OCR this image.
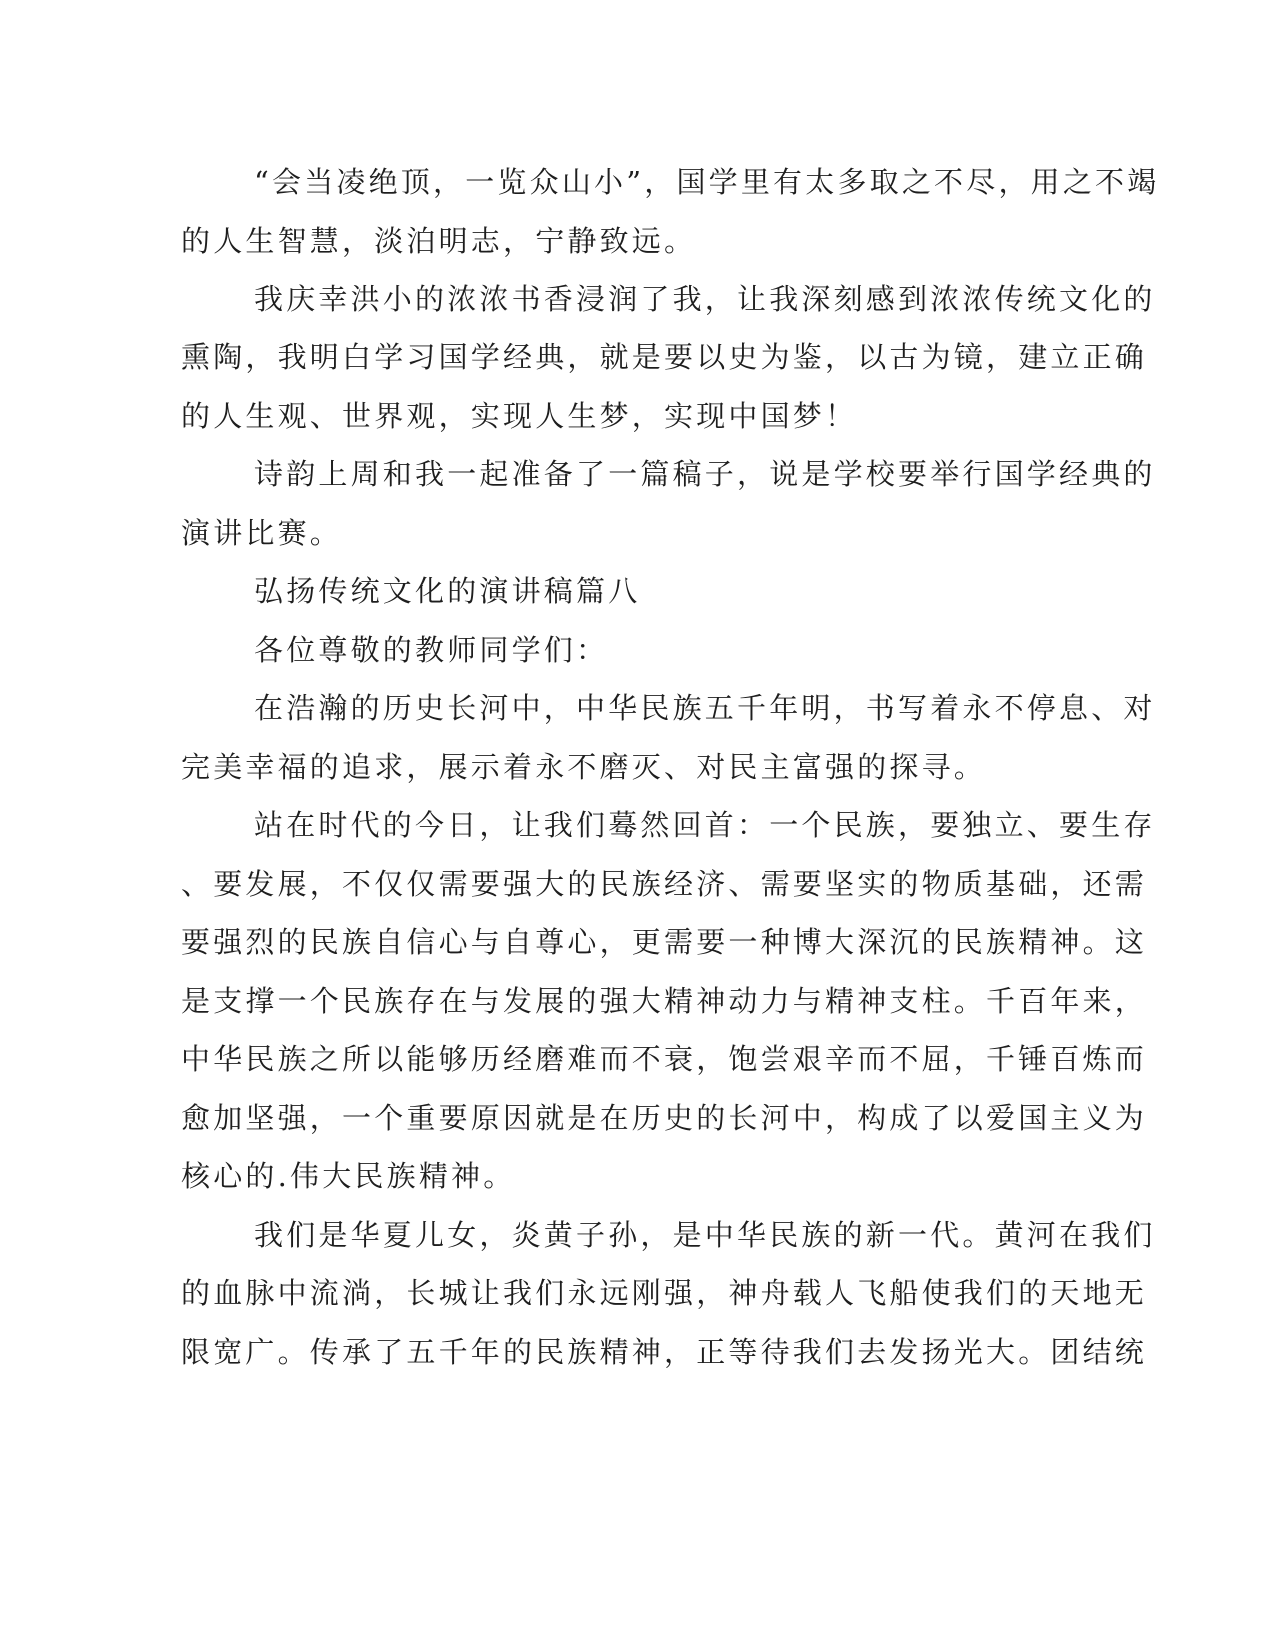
“会当凌绝顶，一览众山小”，国学里有太多取之不尽，用之不竭
的人生智慧，淡泊明志，宁静致远。
我庆幸洪小的浓浓书香浸润了我，让我深刻感到浓浓传统文化的
熏陶，我明白学习国学经典，就是要以史为鉴，以古为镜，建立正确
的人生观、世界观，实现人生梦，实现中国梦！
诗韵上周和我一起准备了一篇稿子，说是学校要举行国学经典的
演讲比赛。
弘扬传统文化的演讲稿篇八
各位尊敬的教师同学们：
在浩瀚的历史长河中，中华民族五千年明，书写着永不停息、对
完美幸福的追求，展示着永不磨灭、对民主富强的探寻。
站在时代的今日，让我们蓦然回首：一个民族，要独立、要生存
、要发展，不仅仅需要强大的民族经济、需要坚实的物质基础，还需
要强烈的民族自信心与自尊心，更需要一种博大深沉的民族精神。这
是支撑一个民族存在与发展的强大精神动力与精神支柱。千百年来，
中华民族之所以能够历经磨难而不衰，饱尝艰辛而不屈，千锤百炼而
愈加坚强，一个重要原因就是在历史的长河中，构成了以爱国主义为
核心的.伟大民族精神。
我们是华夏儿女，炎黄子孙，是中华民族的新一代。黄河在我们
的血脉中流淌，长城让我们永远刚强，神舟载人飞船使我们的天地无
限宽广。传承了五千年的民族精神，正等待我们去发扬光大。团结统
